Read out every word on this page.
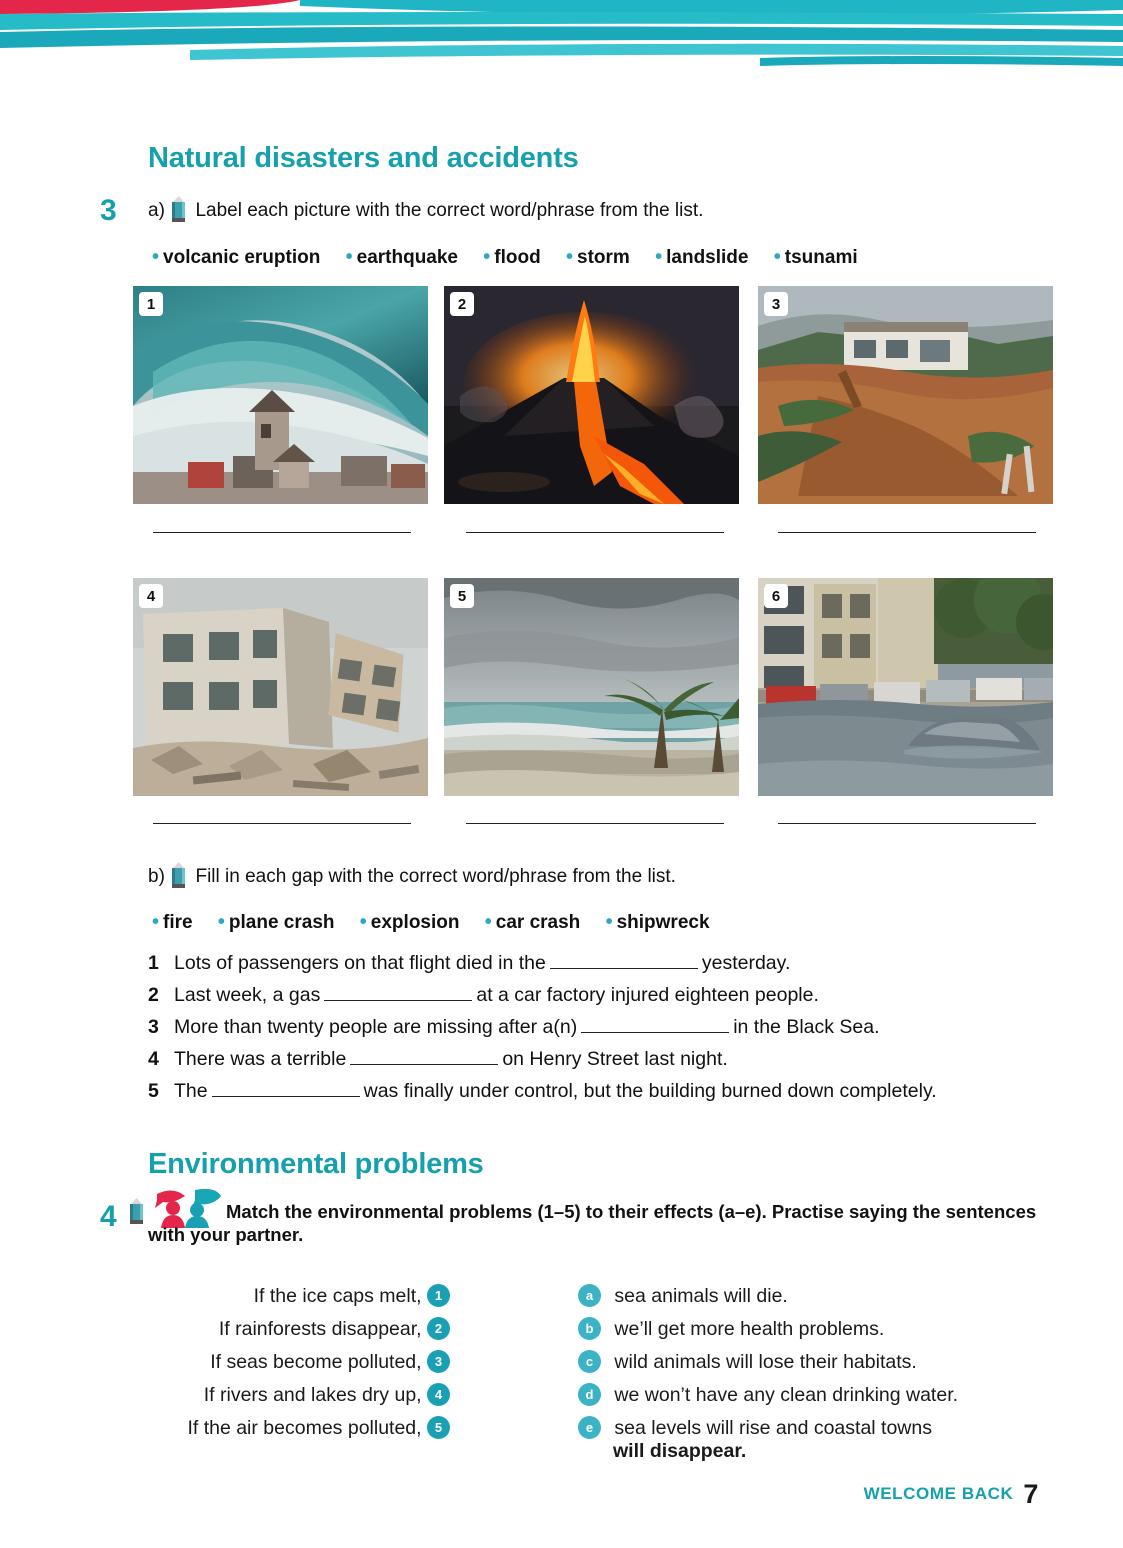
Natural disasters and accidents
3 a) Label each picture with the correct word/phrase from the list.
• volcanic eruption • earthquake • flood • storm • landslide • tsunami
1	2	3
4	5	6
b) Fill in each gap with the correct word/phrase from the list.
• fire • plane crash • explosion • car crash • shipwreck
1 Lots of passengers on that flight died in the	yesterday.
2 Last week, a gas	at a car factory injured eighteen people.
3 More than twenty people are missing after a(n)	in the Black Sea.
4 There was a terrible	on Henry Street last night.
5 The	was finally under control, but the building burned down completely.
Environmental problems
4	Match the environmental problems (1–5) to their effects (a–e). Practise saying the sentences with your partner.
If the ice caps melt, 1
If rainforests disappear, 2
If seas become polluted, 3
If rivers and lakes dry up, 4
If the air becomes polluted, 5
a sea animals will die.
b we’ll get more health problems.
c wild animals will lose their habitats.
d we won’t have any clean drinking water.
e sea levels will rise and coastal towns
will disappear.
WELCOME BACK 7
